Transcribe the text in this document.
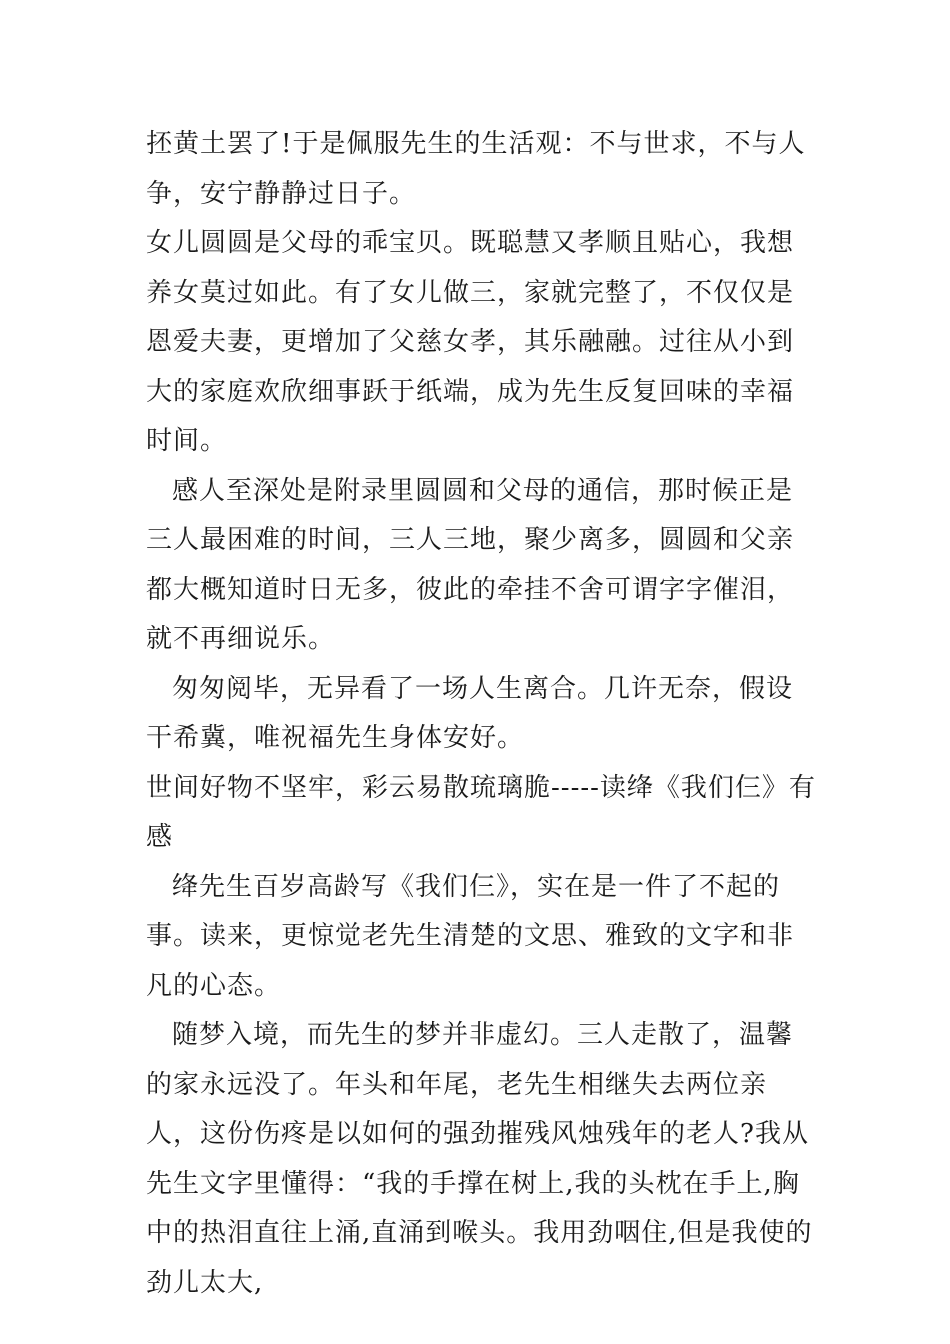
抷黄土罢了!于是佩服先生的生活观：不与世求，不与人争，安宁静静过日子。

女儿圆圆是父母的乖宝贝。既聪慧又孝顺且贴心，我想养女莫过如此。有了女儿做三，家就完整了，不仅仅是恩爱夫妻，更增加了父慈女孝，其乐融融。过往从小到大的家庭欢欣细事跃于纸端，成为先生反复回味的幸福时间。

感人至深处是附录里圆圆和父母的通信，那时候正是三人最困难的时间，三人三地，聚少离多，圆圆和父亲都大概知道时日无多，彼此的牵挂不舍可谓字字催泪，就不再细说乐。

匆匆阅毕，无异看了一场人生离合。几许无奈，假设干希冀，唯祝福先生身体安好。

世间好物不坚牢，彩云易散琉璃脆-----读绛《我们仨》有感

绛先生百岁高龄写《我们仨》，实在是一件了不起的事。读来，更惊觉老先生清楚的文思、雅致的文字和非凡的心态。

随梦入境，而先生的梦并非虚幻。三人走散了，温馨的家永远没了。年头和年尾，老先生相继失去两位亲人，这份伤疼是以如何的强劲摧残风烛残年的老人?我从先生文字里懂得：“我的手撑在树上,我的头枕在手上,胸中的热泪直往上涌,直涌到喉头。我用劲咽住,但是我使的劲儿太大,
